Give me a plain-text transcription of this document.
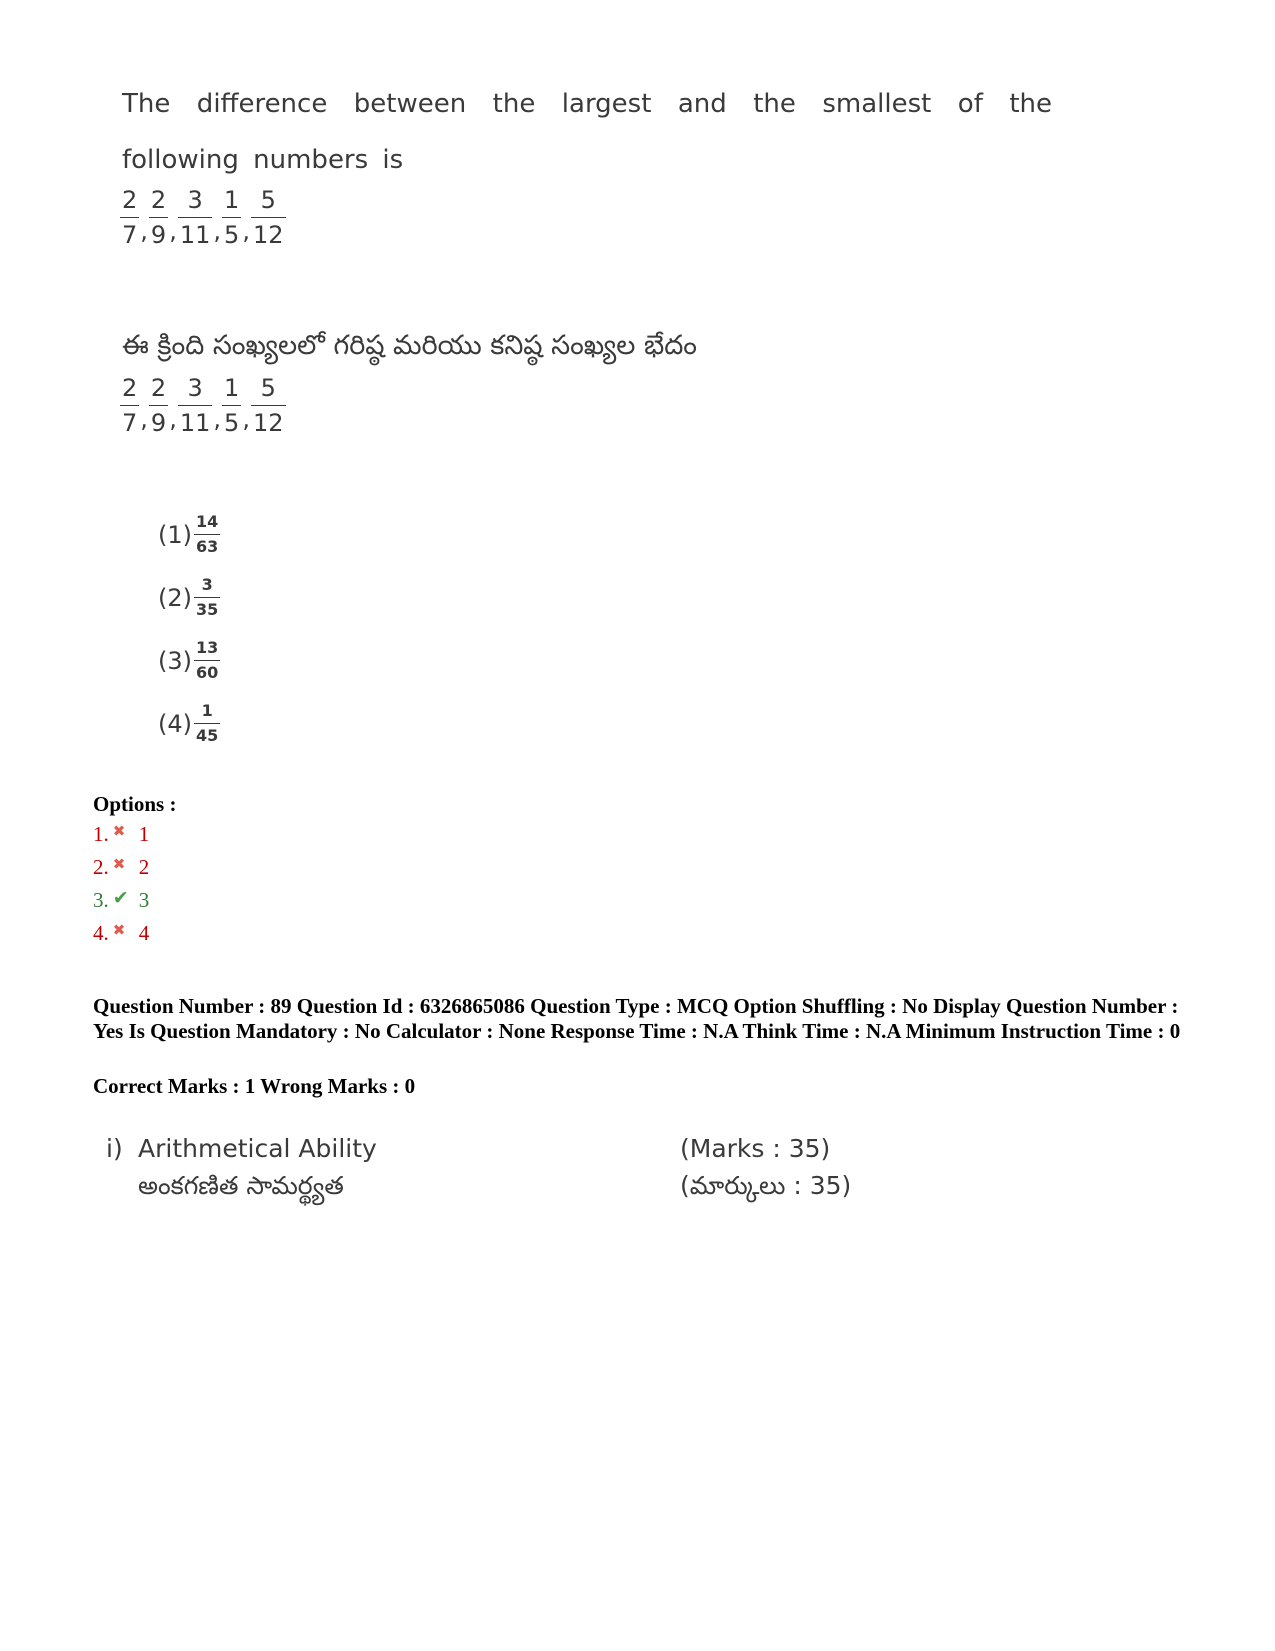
The difference between the largest and the smallest of the following numbers is

$\frac{2}{7}$ , $\frac{2}{9}$ , $\frac{3}{11}$ , $\frac{1}{5}$ , $\frac{5}{12}$

ఈ క్రింది సంఖ్యలలో గరిష్ఠ మరియు కనిష్ఠ సంఖ్యల భేదం

$\frac{2}{7}$ , $\frac{2}{9}$ , $\frac{3}{11}$ , $\frac{1}{5}$ , $\frac{5}{12}$
$(1) \frac{14}{63}$
$(2) \frac{3}{35}$
$(3) \frac{13}{60}$
$(4) \frac{1}{45}$
Options :
1. ✖ 1
2. ✖ 2
3. ✔ 3
4. ✖ 4

Question Number : 89 Question Id : 6326865086 Question Type : MCQ Option Shuffling : No Display Question Number : Yes Is Question Mandatory : No Calculator : None Response Time : N.A Think Time : N.A Minimum Instruction Time : 0

Correct Marks : 1 Wrong Marks : 0

i) Arithmetical Ability
అంకగణిత సామర్థ్యత
(Marks : 35)
(మార్కులు : 35)
